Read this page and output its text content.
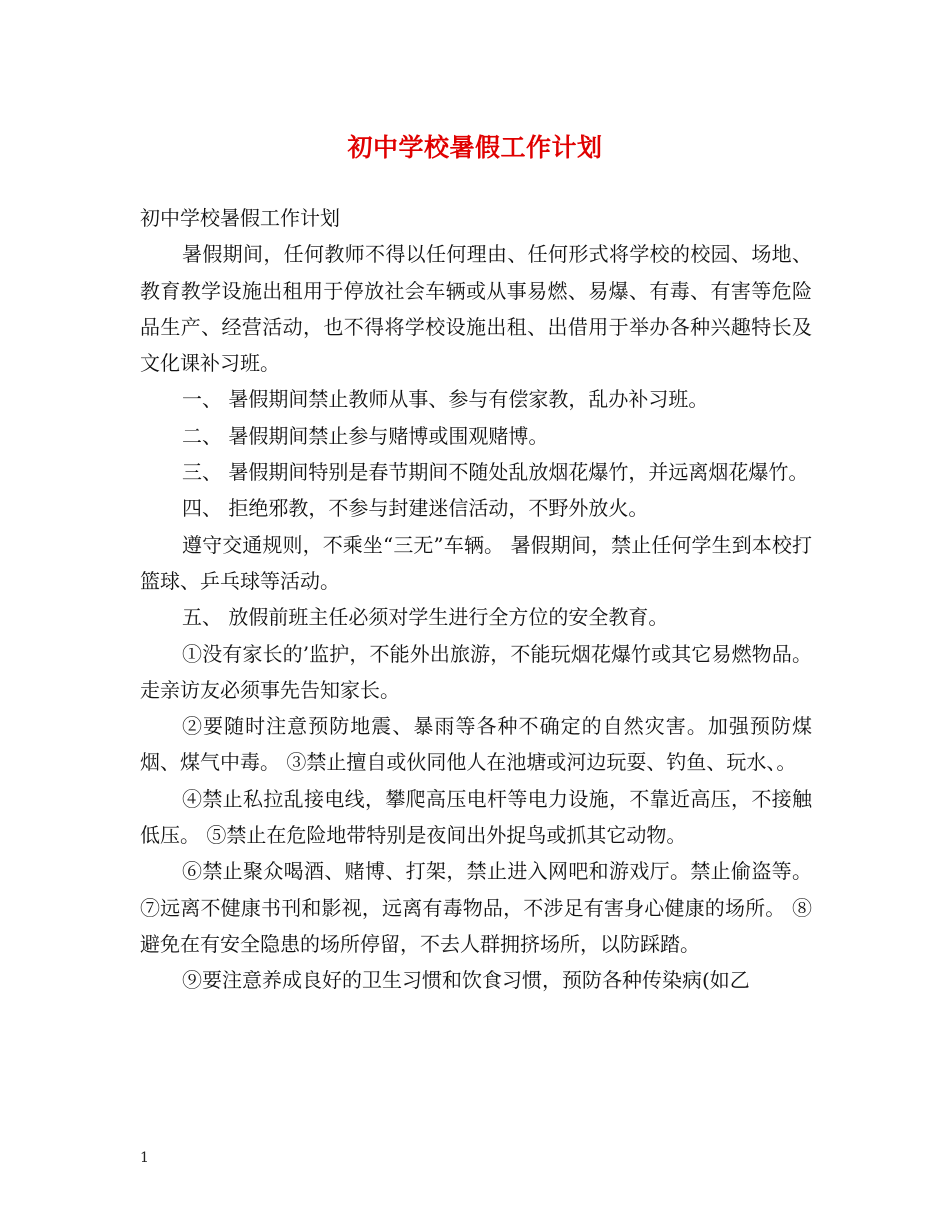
初中学校暑假工作计划

初中学校暑假工作计划

暑假期间，任何教师不得以任何理由、任何形式将学校的校园、场地、教育教学设施出租用于停放社会车辆或从事易燃、易爆、有毒、有害等危险品生产、经营活动，也不得将学校设施出租、出借用于举办各种兴趣特长及文化课补习班。

一、 暑假期间禁止教师从事、参与有偿家教，乱办补习班。

二、 暑假期间禁止参与赌博或围观赌博。

三、 暑假期间特别是春节期间不随处乱放烟花爆竹，并远离烟花爆竹。

四、 拒绝邪教，不参与封建迷信活动，不野外放火。

遵守交通规则，不乘坐“三无”车辆。 暑假期间，禁止任何学生到本校打篮球、乒乓球等活动。

五、 放假前班主任必须对学生进行全方位的安全教育。

①没有家长的’监护，不能外出旅游，不能玩烟花爆竹或其它易燃物品。走亲访友必须事先告知家长。

②要随时注意预防地震、暴雨等各种不确定的自然灾害。加强预防煤烟、煤气中毒。 ③禁止擅自或伙同他人在池塘或河边玩耍、钓鱼、玩水、。

④禁止私拉乱接电线，攀爬高压电杆等电力设施，不靠近高压，不接触低压。 ⑤禁止在危险地带特别是夜间出外捉鸟或抓其它动物。

⑥禁止聚众喝酒、赌博、打架，禁止进入网吧和游戏厅。禁止偷盗等。 ⑦远离不健康书刊和影视，远离有毒物品，不涉足有害身心健康的场所。 ⑧避免在有安全隐患的场所停留，不去人群拥挤场所，以防踩踏。

⑨要注意养成良好的卫生习惯和饮食习惯，预防各种传染病(如乙

1
